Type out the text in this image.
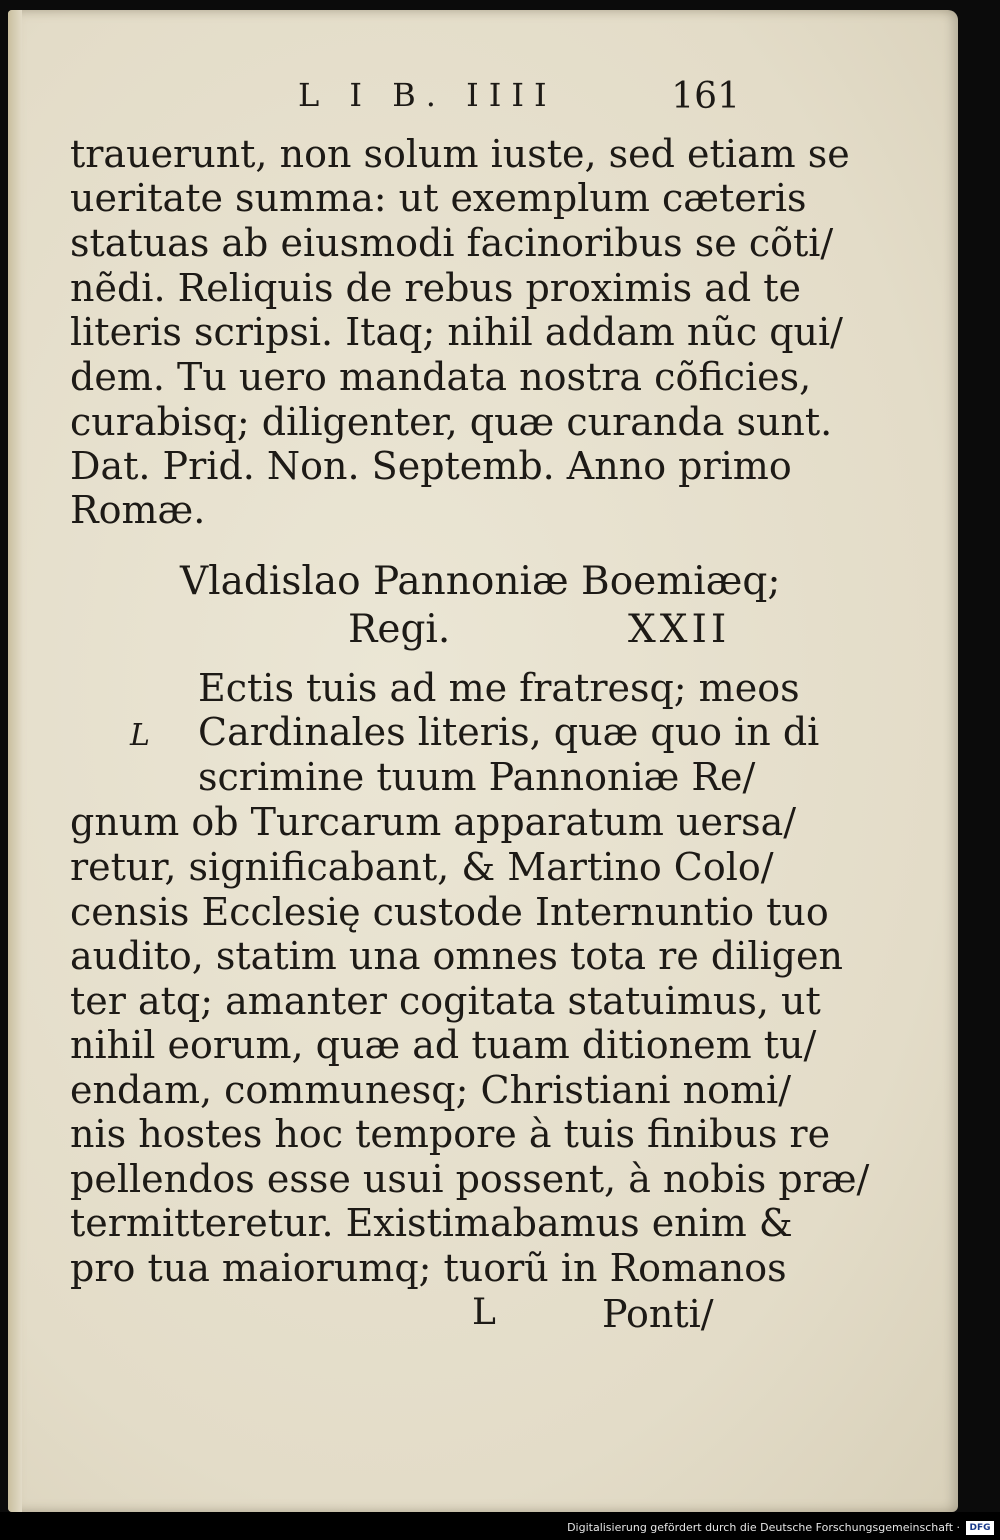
L I B. IIII	161
trauerunt, non solum iuste, sed etiam se
ueritate summa: ut exemplum cæteris
statuas ab eiusmodi facinoribus se cõti/
nẽdi. Reliquis de rebus proximis ad te
literis scripsi. Itaq; nihil addam nũc qui/
dem. Tu uero mandata nostra cõficies,
curabisq; diligenter, quæ curanda sunt.
Dat. Prid. Non. Septemb. Anno primo
Romæ.
Vladislao Pannoniæ Boemiæq;
Regi.	XXII
L
Ectis tuis ad me fratresq; meos
Cardinales literis, quæ quo in di
scrimine tuum Pannoniæ Re/
gnum ob Turcarum apparatum uersa/
retur, significabant, & Martino Colo/
censis Ecclesię custode Internuntio tuo
audito, statim una omnes tota re diligen
ter atq; amanter cogitata statuimus, ut
nihil eorum, quæ ad tuam ditionem tu/
endam, communesq; Christiani nomi/
nis hostes hoc tempore à tuis finibus re
pellendos esse usui possent, à nobis præ/
termitteretur. Existimabamus enim &
pro tua maiorumq; tuorũ in Romanos
L	Ponti/
Digitalisierung gefördert durch die Deutsche Forschungsgemeinschaft ·	DFG
